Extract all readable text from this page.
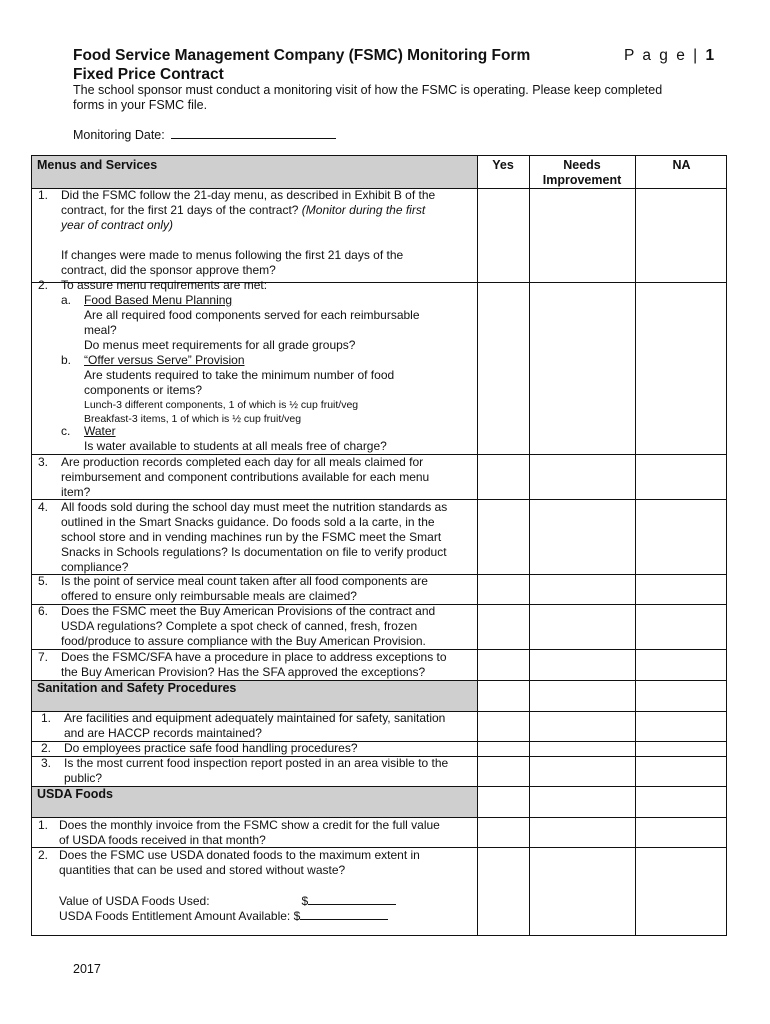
Food Service Management Company (FSMC) Monitoring Form
Fixed Price Contract
P a g e | 1
The school sponsor must conduct a monitoring visit of how the FSMC is operating. Please keep completed
forms in your FSMC file.
Monitoring Date:
Yes	Needs
Improvement
NA
Menus and Services
1. Did the FSMC follow the 21-day menu, as described in Exhibit B of the
contract, for the first 21 days of the contract? (Monitor during the first
year of contract only)
If changes were made to menus following the first 21 days of the
contract, did the sponsor approve them?
2. To assure menu requirements are met:
a. Food Based Menu Planning
Are all required food components served for each reimbursable
meal?
Do menus meet requirements for all grade groups?
b. “Offer versus Serve” Provision
Are students required to take the minimum number of food
components or items?
Lunch-3 different components, 1 of which is ½ cup fruit/veg
Breakfast-3 items, 1 of which is ½ cup fruit/veg
c. Water
Is water available to students at all meals free of charge?
3. Are production records completed each day for all meals claimed for
reimbursement and component contributions available for each menu
item?
4. All foods sold during the school day must meet the nutrition standards as
outlined in the Smart Snacks guidance. Do foods sold a la carte, in the
school store and in vending machines run by the FSMC meet the Smart
Snacks in Schools regulations? Is documentation on file to verify product
compliance?
5. Is the point of service meal count taken after all food components are
offered to ensure only reimbursable meals are claimed?
6. Does the FSMC meet the Buy American Provisions of the contract and
USDA regulations? Complete a spot check of canned, fresh, frozen
food/produce to assure compliance with the Buy American Provision.
7. Does the FSMC/SFA have a procedure in place to address exceptions to
the Buy American Provision? Has the SFA approved the exceptions?
Sanitation and Safety Procedures
1. Are facilities and equipment adequately maintained for safety, sanitation
and are HACCP records maintained?
2. Do employees practice safe food handling procedures?
3. Is the most current food inspection report posted in an area visible to the
public?
USDA Foods
1. Does the monthly invoice from the FSMC show a credit for the full value
of USDA foods received in that month?
2. Does the FSMC use USDA donated foods to the maximum extent in
quantities that can be used and stored without waste?
Value of USDA Foods Used:	$
USDA Foods Entitlement Amount Available: $
2017
